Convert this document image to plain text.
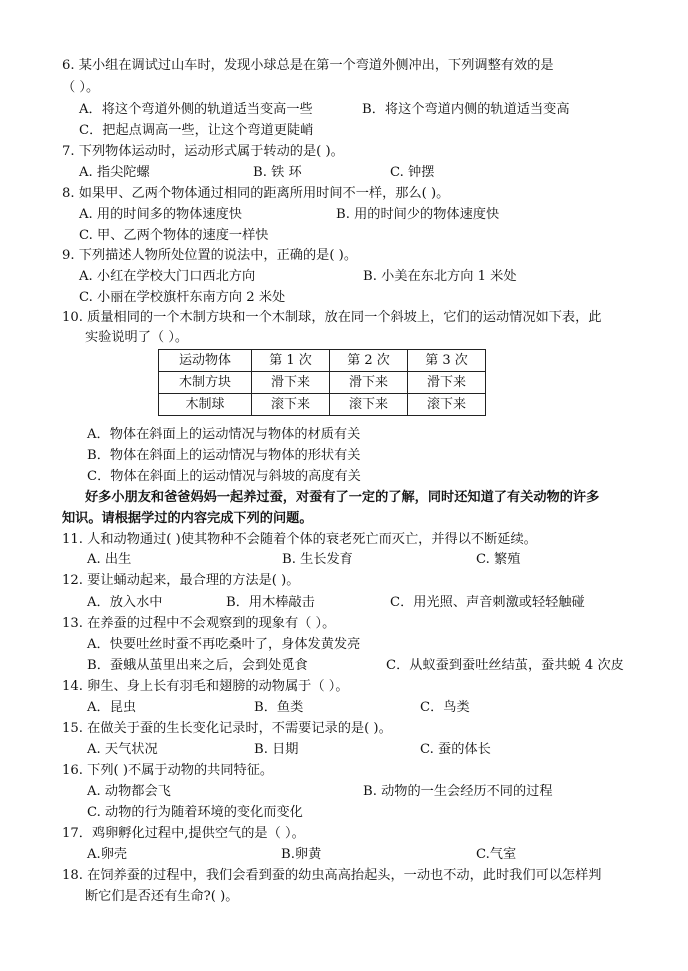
6. 某小组在调试过山车时，发现小球总是在第一个弯道外侧冲出，下列调整有效的是
（ ）。
A．将这个弯道外侧的轨道适当变高一些	B．将这个弯道内侧的轨道适当变高
C．把起点调高一些，让这个弯道更陡峭
7. 下列物体运动时，运动形式属于转动的是( )。
A. 指尖陀螺	B. 铁 环	C. 钟摆
8. 如果甲、乙两个物体通过相同的距离所用时间不一样，那么( )。
A. 用的时间多的物体速度快	B. 用的时间少的物体速度快
C. 甲、乙两个物体的速度一样快
9. 下列描述人物所处位置的说法中，正确的是( )。
A. 小红在学校大门口西北方向	B. 小美在东北方向 1 米处
C. 小丽在学校旗杆东南方向 2 米处
10. 质量相同的一个木制方块和一个木制球，放在同一个斜坡上，它们的运动情况如下表，此
实验说明了（ ）。
运动物体	第 1 次	第 2 次	第 3 次
木制方块	滑下来	滑下来	滑下来
木制球	滚下来	滚下来	滚下来
A．物体在斜面上的运动情况与物体的材质有关
B．物体在斜面上的运动情况与物体的形状有关
C．物体在斜面上的运动情况与斜坡的高度有关
好多小朋友和爸爸妈妈一起养过蚕，对蚕有了一定的了解，同时还知道了有关动物的许多
知识。请根据学过的内容完成下列的问题。
11. 人和动物通过( )使其物种不会随着个体的衰老死亡而灭亡，并得以不断延续。
A. 出生	B. 生长发育	C. 繁殖
12. 要让蛹动起来，最合理的方法是( )。
A．放入水中	B．用木棒敲击	C．用光照、声音刺激或轻轻触碰
13. 在养蚕的过程中不会观察到的现象有（ ）。
A．快要吐丝时蚕不再吃桑叶了，身体发黄发亮
B．蚕蛾从茧里出来之后，会到处觅食	C．从蚁蚕到蚕吐丝结茧，蚕共蜕 4 次皮
14. 卵生、身上长有羽毛和翅膀的动物属于（ ）。
A．昆虫	B．鱼类	C．鸟类
15. 在做关于蚕的生长变化记录时，不需要记录的是( )。
A. 天气状况	B. 日期	C. 蚕的体长
16. 下列( )不属于动物的共同特征。
A. 动物都会飞	B. 动物的一生会经历不同的过程
C. 动物的行为随着环境的变化而变化
17．鸡卵孵化过程中,提供空气的是（ ）。
A.卵壳	B.卵黄	C.气室
18. 在饲养蚕的过程中，我们会看到蚕的幼虫高高抬起头，一动也不动，此时我们可以怎样判
断它们是否还有生命?( )。
